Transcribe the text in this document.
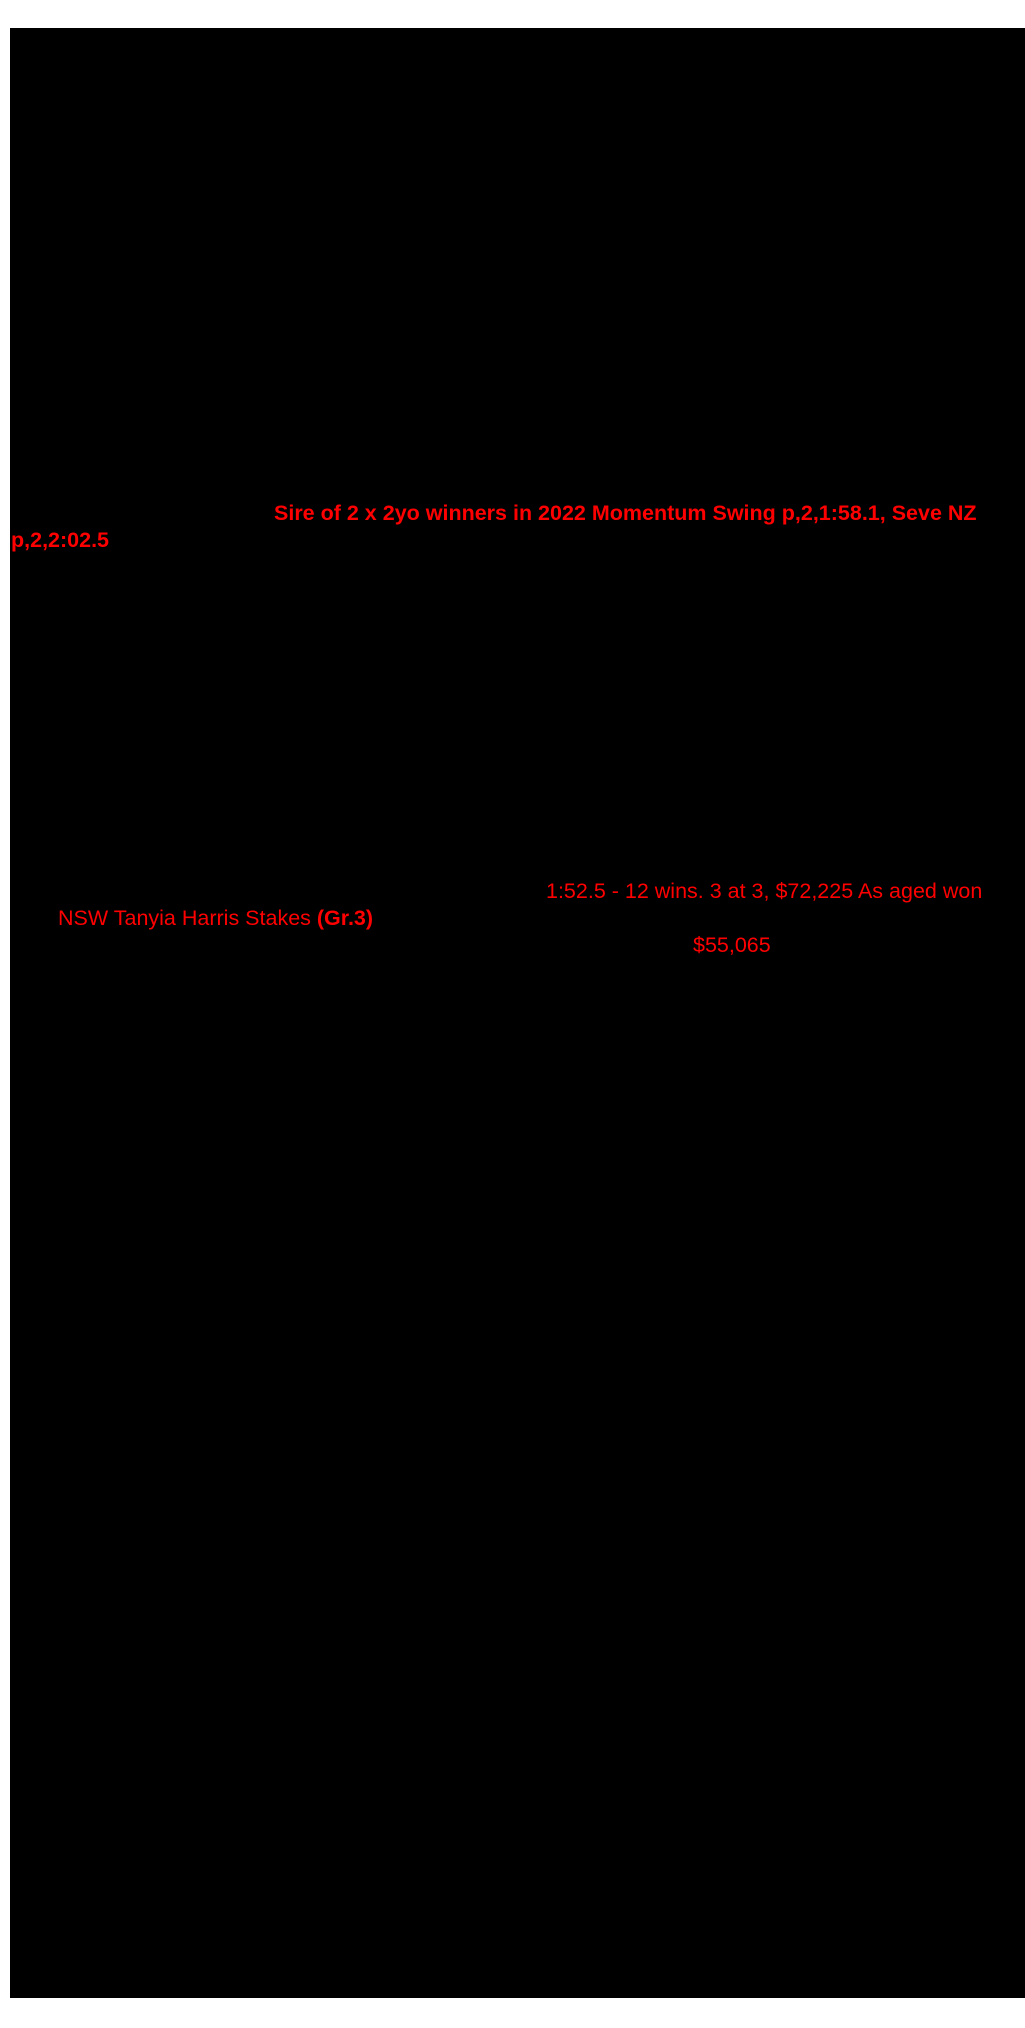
Sire of 2 x 2yo winners in 2022 Momentum Swing p,2,1:58.1, Seve NZ
p,2,2:02.5
1:52.5 - 12 wins. 3 at 3, $72,225 As aged won
NSW Tanyia Harris Stakes (Gr.3)
$55,065
